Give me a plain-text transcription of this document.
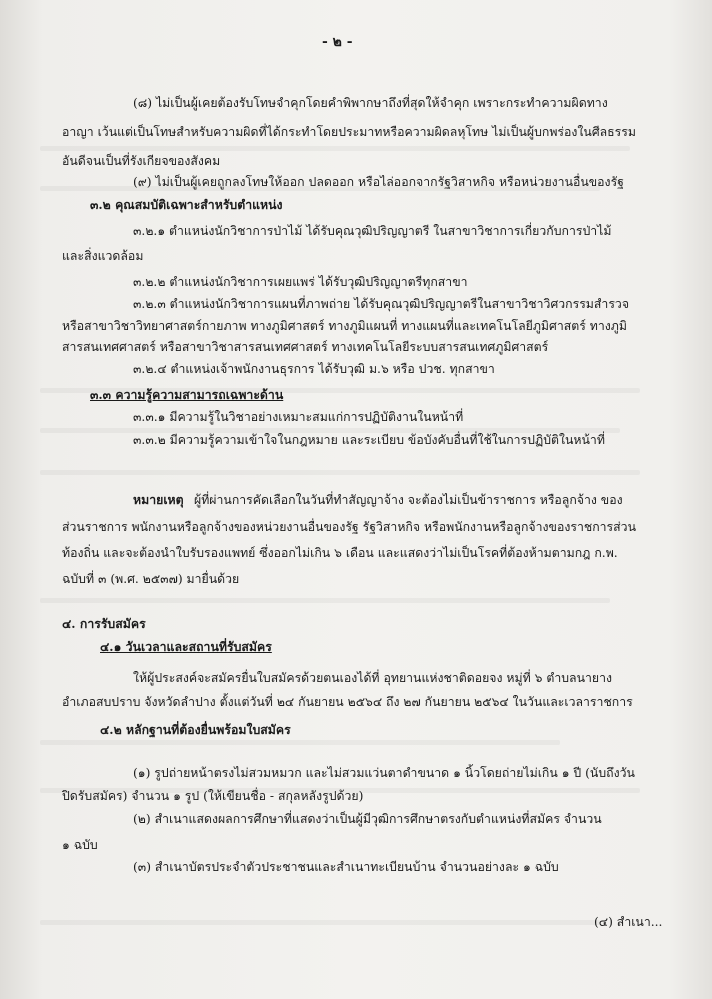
- ๒ -
(๘) ไม่เป็นผู้เคยต้องรับโทษจำคุกโดยคำพิพากษาถึงที่สุดให้จำคุก เพราะกระทำความผิดทาง
อาญา เว้นแต่เป็นโทษสำหรับความผิดที่ได้กระทำโดยประมาทหรือความผิดลหุโทษ ไม่เป็นผู้บกพร่องในศีลธรรม
อันดีจนเป็นที่รังเกียจของสังคม
(๙) ไม่เป็นผู้เคยถูกลงโทษให้ออก ปลดออก หรือไล่ออกจากรัฐวิสาหกิจ หรือหน่วยงานอื่นของรัฐ
๓.๒ คุณสมบัติเฉพาะสำหรับตำแหน่ง
๓.๒.๑ ตำแหน่งนักวิชาการป่าไม้ ได้รับคุณวุฒิปริญญาตรี ในสาขาวิชาการเกี่ยวกับการป่าไม้
และสิ่งแวดล้อม
๓.๒.๒ ตำแหน่งนักวิชาการเผยแพร่ ได้รับวุฒิปริญญาตรีทุกสาขา
๓.๒.๓ ตำแหน่งนักวิชาการแผนที่ภาพถ่าย ได้รับคุณวุฒิปริญญาตรีในสาขาวิชาวิศวกรรมสำรวจ
หรือสาขาวิชาวิทยาศาสตร์กายภาพ ทางภูมิศาสตร์ ทางภูมิแผนที่ ทางแผนที่และเทคโนโลยีภูมิศาสตร์ ทางภูมิ
สารสนเทศศาสตร์ หรือสาขาวิชาสารสนเทศศาสตร์ ทางเทคโนโลยีระบบสารสนเทศภูมิศาสตร์
๓.๒.๔ ตำแหน่งเจ้าพนักงานธุรการ ได้รับวุฒิ ม.๖ หรือ ปวช. ทุกสาขา
๓.๓ ความรู้ความสามารถเฉพาะด้าน
๓.๓.๑ มีความรู้ในวิชาอย่างเหมาะสมแก่การปฏิบัติงานในหน้าที่
๓.๓.๒ มีความรู้ความเข้าใจในกฎหมาย และระเบียบ ข้อบังคับอื่นที่ใช้ในการปฏิบัติในหน้าที่
หมายเหตุ ผู้ที่ผ่านการคัดเลือกในวันที่ทำสัญญาจ้าง จะต้องไม่เป็นข้าราชการ หรือลูกจ้าง ของ
ส่วนราชการ พนักงานหรือลูกจ้างของหน่วยงานอื่นของรัฐ รัฐวิสาหกิจ หรือพนักงานหรือลูกจ้างของราชการส่วน
ท้องถิ่น และจะต้องนำใบรับรองแพทย์ ซึ่งออกไม่เกิน ๖ เดือน และแสดงว่าไม่เป็นโรคที่ต้องห้ามตามกฎ ก.พ.
ฉบับที่ ๓ (พ.ศ. ๒๕๓๗) มายื่นด้วย
๔. การรับสมัคร
๔.๑ วันเวลาและสถานที่รับสมัคร
ให้ผู้ประสงค์จะสมัครยื่นใบสมัครด้วยตนเองได้ที่ อุทยานแห่งชาติดอยจง หมู่ที่ ๖ ตำบลนายาง
อำเภอสบปราบ จังหวัดลำปาง ตั้งแต่วันที่ ๒๔ กันยายน ๒๕๖๔ ถึง ๒๗ กันยายน ๒๕๖๔ ในวันและเวลาราชการ
๔.๒ หลักฐานที่ต้องยื่นพร้อมใบสมัคร
(๑) รูปถ่ายหน้าตรงไม่สวมหมวก และไม่สวมแว่นตาดำขนาด ๑ นิ้วโดยถ่ายไม่เกิน ๑ ปี (นับถึงวัน
ปิดรับสมัคร) จำนวน ๑ รูป (ให้เขียนชื่อ - สกุลหลังรูปด้วย)
(๒) สำเนาแสดงผลการศึกษาที่แสดงว่าเป็นผู้มีวุฒิการศึกษาตรงกับตำแหน่งที่สมัคร จำนวน
๑ ฉบับ
(๓) สำเนาบัตรประจำตัวประชาชนและสำเนาทะเบียนบ้าน จำนวนอย่างละ ๑ ฉบับ
(๔) สำเนา...
